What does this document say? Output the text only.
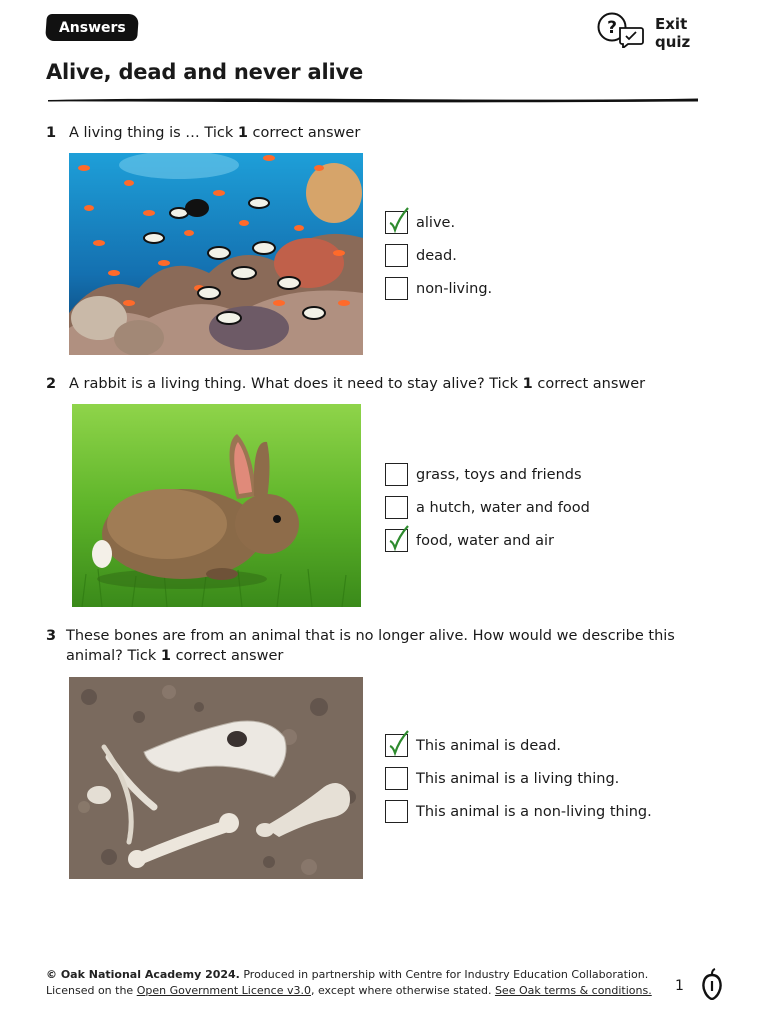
Answers	?	Exit quiz
Alive, dead and never alive
1 A living thing is … Tick 1 correct answer
alive.
dead.
non-living.
2 A rabbit is a living thing. What does it need to stay alive? Tick 1 correct answer
grass, toys and friends
a hutch, water and food
food, water and air
3 These bones are from an animal that is no longer alive. How would we describe this
animal? Tick 1 correct answer
This animal is dead.
This animal is a living thing.
This animal is a non-living thing.
© Oak National Academy 2024. Produced in partnership with Centre for Industry Education Collaboration.
Licensed on the Open Government Licence v3.0, except where otherwise stated. See Oak terms & conditions. 1
